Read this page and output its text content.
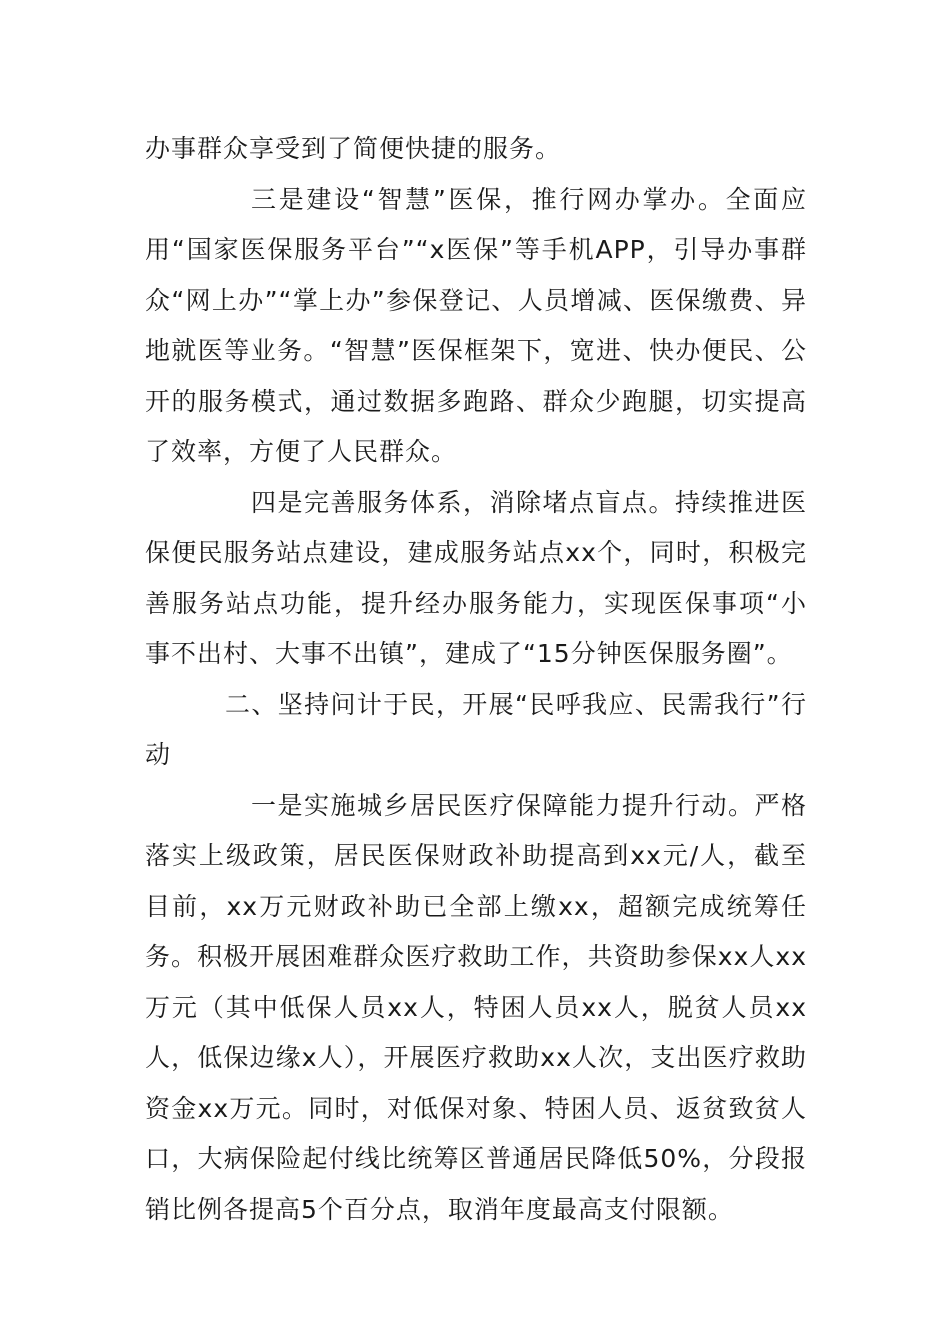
办事群众享受到了简便快捷的服务。

三是建设“智慧”医保，推行网办掌办。全面应用“国家医保服务平台”“x医保”等手机APP，引导办事群众“网上办”“掌上办”参保登记、人员增减、医保缴费、异地就医等业务。“智慧”医保框架下，宽进、快办便民、公开的服务模式，通过数据多跑路、群众少跑腿，切实提高了效率，方便了人民群众。

四是完善服务体系，消除堵点盲点。持续推进医保便民服务站点建设，建成服务站点xx个，同时，积极完善服务站点功能，提升经办服务能力，实现医保事项“小事不出村、大事不出镇”，建成了“15分钟医保服务圈”。

二、坚持问计于民，开展“民呼我应、民需我行”行动

一是实施城乡居民医疗保障能力提升行动。严格落实上级政策，居民医保财政补助提高到xx元/人，截至目前，xx万元财政补助已全部上缴xx，超额完成统筹任务。积极开展困难群众医疗救助工作，共资助参保xx人xx万元（其中低保人员xx人，特困人员xx人，脱贫人员xx人，低保边缘x人），开展医疗救助xx人次，支出医疗救助资金xx万元。同时，对低保对象、特困人员、返贫致贫人口，大病保险起付线比统筹区普通居民降低50%，分段报销比例各提高5个百分点，取消年度最高支付限额。
